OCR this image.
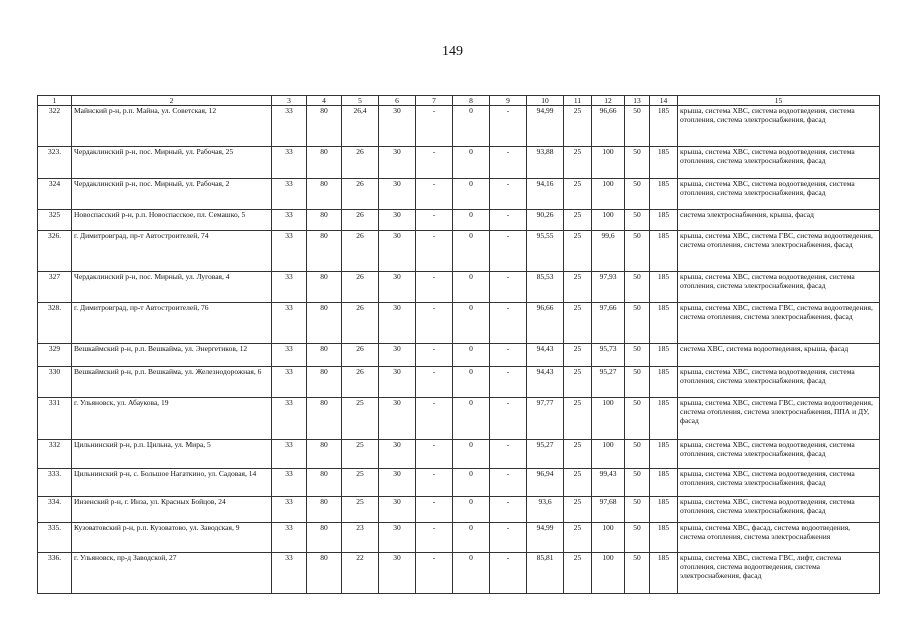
149
1	2	3	4	5	6	7	8	9	10	11	12	13	14	15
322	Майнский р-н, р.п. Майна, ул. Советская, 12	33	80	26,4	30	-	0	-	94,99	25	96,66	50	185	крыша, система ХВС, система водоотведения, система отопления, система электроснабжения, фасад
323.	Чердаклинский р-н, пос. Мирный, ул. Рабочая, 25	33	80	26	30	-	0	-	93,88	25	100	50	185	крыша, система ХВС, система водоотведения, система отопления, система электроснабжения, фасад
324	Чердаклинский р-н, пос. Мирный, ул. Рабочая, 2	33	80	26	30	-	0	-	94,16	25	100	50	185	крыша, система ХВС, система водоотведения, система отопления, система электроснабжения, фасад
325	Новоспасский р-н, р.п. Новоспасское, пл. Семашко, 5	33	80	26	30	-	0	-	90,26	25	100	50	185	система электроснабжения, крыша, фасад
326.	г. Димитровград, пр-т Автостроителей, 74	33	80	26	30	-	0	-	95,55	25	99,6	50	185	крыша, система ХВС, система ГВС, система водоотведения, система отопления, система электроснабжения, фасад
327	Чердаклинский р-н, пос. Мирный, ул. Луговая, 4	33	80	26	30	-	0	-	85,53	25	97,93	50	185	крыша, система ХВС, система водоотведения, система отопления, система электроснабжения, фасад
328.	г. Димитровград, пр-т Автостроителей, 76	33	80	26	30	-	0	-	96,66	25	97,66	50	185	крыша, система ХВС, система ГВС, система водоотведения, система отопления, система электроснабжения, фасад
329	Вешкаймский р-н, р.п. Вешкайма, ул. Энергетиков, 12	33	80	26	30	-	0	-	94,43	25	95,73	50	185	система ХВС, система водоотведения, крыша, фасад
330	Вешкаймский р-н, р.п. Вешкайма, ул. Железнодорожная, 6	33	80	26	30	-	0	-	94,43	25	95,27	50	185	крыша, система ХВС, система водоотведения, система отопления, система электроснабжения, фасад
331	г. Ульяновск, ул. Абаукова, 19	33	80	25	30	-	0	-	97,77	25	100	50	185	крыша, система ХВС, система ГВС, система водоотведения, система отопления, система электроснабжения, ППА и ДУ, фасад
332	Цильнинский р-н, р.п. Цильна, ул. Мира, 5	33	80	25	30	-	0	-	95,27	25	100	50	185	крыша, система ХВС, система водоотведения, система отопления, система электроснабжения, фасад
333.	Цильнинский р-н, с. Большое Нагаткино, ул. Садовая, 14	33	80	25	30	-	0	-	96,94	25	99,43	50	185	крыша, система ХВС, система водоотведения, система отопления, система электроснабжения, фасад
334.	Инзенский р-н, г. Инза, ул. Красных Бойцов, 24	33	80	25	30	-	0	-	93,6	25	97,68	50	185	крыша, система ХВС, система водоотведения, система отопления, система электроснабжения, фасад
335.	Кузоватовский р-н, р.п. Кузоватово, ул. Заводская, 9	33	80	23	30	-	0	-	94,99	25	100	50	185	крыша, система ХВС, фасад, система водоотведения, система отопления, система электроснабжения
336.	г. Ульяновск, пр-д Заводской, 27	33	80	22	30	-	0	-	85,81	25	100	50	185	крыша, система ХВС, система ГВС, лифт, система отопления, система водоотведения, система электроснабжения, фасад
